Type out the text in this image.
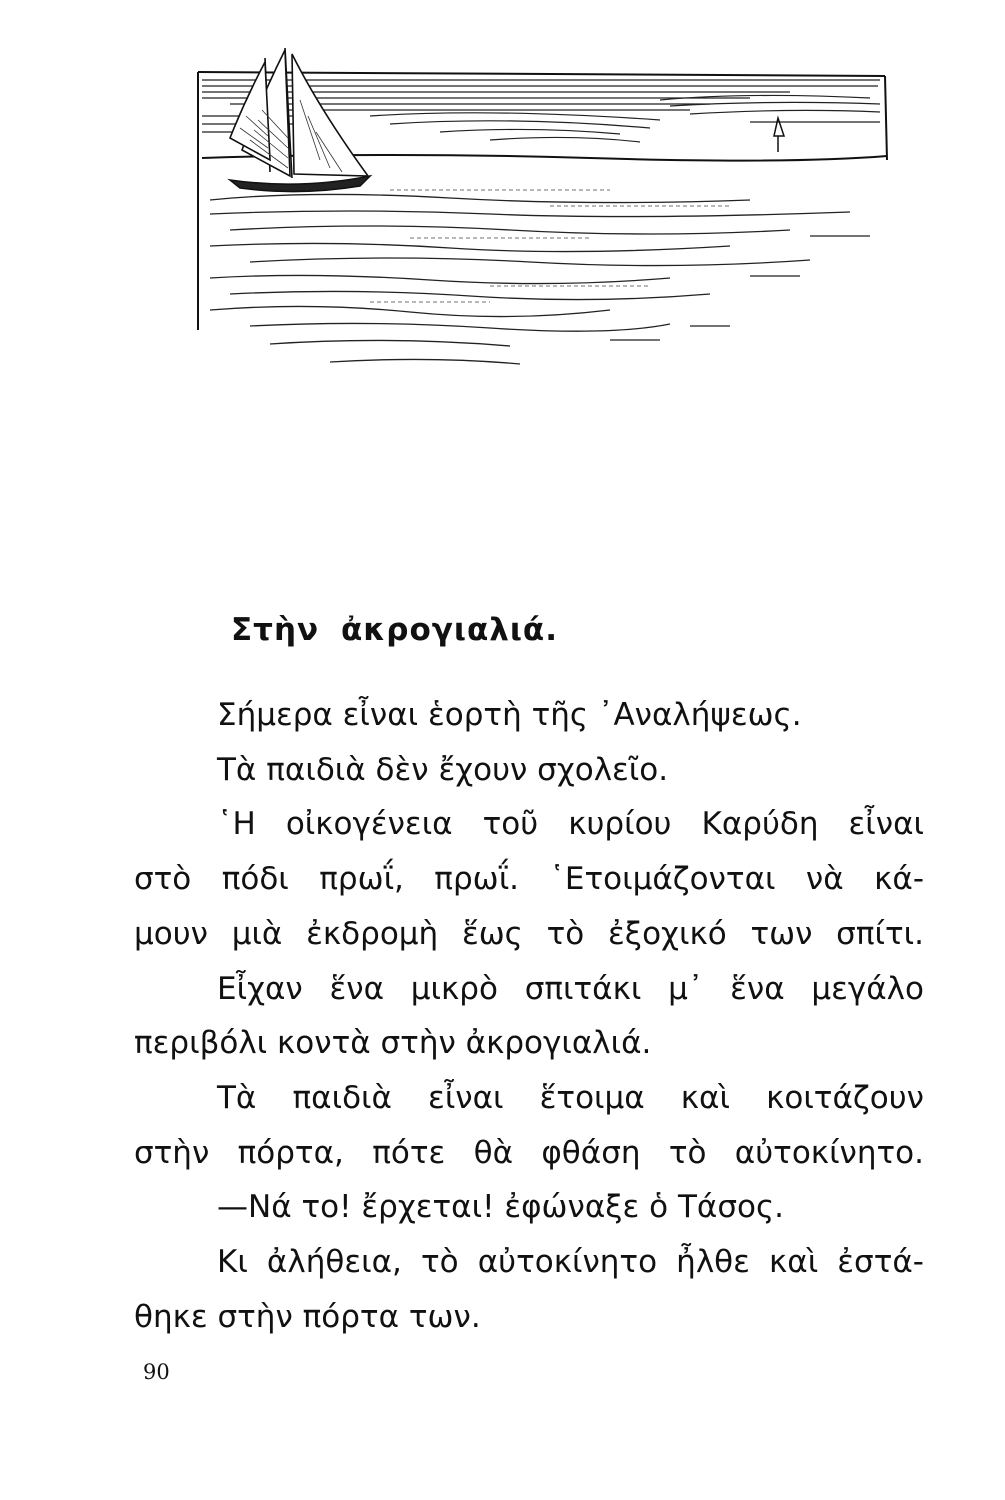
Στὴν ἀκρογιαλιά.
Σήμερα εἶναι ἑορτὴ τῆς ᾿Αναλήψεως.
Τὰ παιδιὰ δὲν ἔχουν σχολεῖο.
῾Η οἰκογένεια τοῦ κυρίου Καρύδη εἶναι
στὸ πόδι πρωΐ, πρωΐ. ῾Ετοιμάζονται νὰ κά-
μουν μιὰ ἐκδρομὴ ἕως τὸ ἐξοχικό των σπίτι.
Εἶχαν ἕνα μικρὸ σπιτάκι μ᾿ ἕνα μεγάλο
περιβόλι κοντὰ στὴν ἀκρογιαλιά.
Τὰ παιδιὰ εἶναι ἕτοιμα καὶ κοιτάζουν
στὴν πόρτα, πότε θὰ φθάση τὸ αὐτοκίνητο.
—Νά το! ἔρχεται! ἐφώναξε ὁ Τάσος.
Κι ἀλήθεια, τὸ αὐτοκίνητο ἦλθε καὶ ἐστά-
θηκε στὴν πόρτα των.
90
